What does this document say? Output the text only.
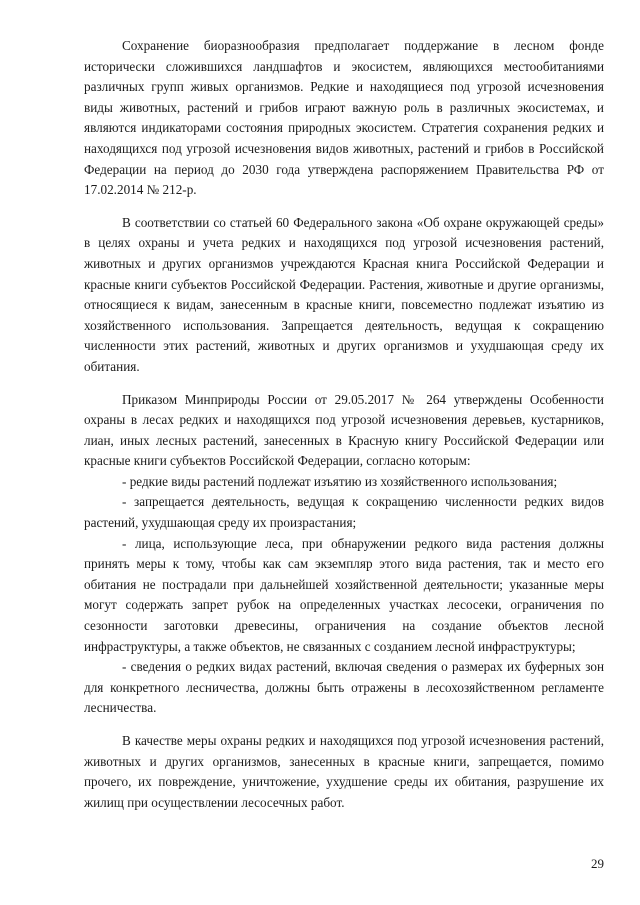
Сохранение биоразнообразия предполагает поддержание в лесном фонде исторически сложившихся ландшафтов и экосистем, являющихся местообитаниями различных групп живых организмов. Редкие и находящиеся под угрозой исчезновения виды животных, растений и грибов играют важную роль в различных экосистемах, и являются индикаторами состояния природных экосистем. Стратегия сохранения редких и находящихся под угрозой исчезновения видов животных, растений и грибов в Российской Федерации на период до 2030 года утверждена распоряжением Правительства РФ от 17.02.2014 № 212-р.

В соответствии со статьей 60 Федерального закона «Об охране окружающей среды» в целях охраны и учета редких и находящихся под угрозой исчезновения растений, животных и других организмов учреждаются Красная книга Российской Федерации и красные книги субъектов Российской Федерации. Растения, животные и другие организмы, относящиеся к видам, занесенным в красные книги, повсеместно подлежат изъятию из хозяйственного использования. Запрещается деятельность, ведущая к сокращению численности этих растений, животных и других организмов и ухудшающая среду их обитания.

Приказом Минприроды России от 29.05.2017 № 264 утверждены Особенности охраны в лесах редких и находящихся под угрозой исчезновения деревьев, кустарников, лиан, иных лесных растений, занесенных в Красную книгу Российской Федерации или красные книги субъектов Российской Федерации, согласно которым:

- редкие виды растений подлежат изъятию из хозяйственного использования;

- запрещается деятельность, ведущая к сокращению численности редких видов растений, ухудшающая среду их произрастания;

- лица, использующие леса, при обнаружении редкого вида растения должны принять меры к тому, чтобы как сам экземпляр этого вида растения, так и место его обитания не пострадали при дальнейшей хозяйственной деятельности; указанные меры могут содержать запрет рубок на определенных участках лесосеки, ограничения по сезонности заготовки древесины, ограничения на создание объектов лесной инфраструктуры, а также объектов, не связанных с созданием лесной инфраструктуры;

- сведения о редких видах растений, включая сведения о размерах их буферных зон для конкретного лесничества, должны быть отражены в лесохозяйственном регламенте лесничества.

В качестве меры охраны редких и находящихся под угрозой исчезновения растений, животных и других организмов, занесенных в красные книги, запрещается, помимо прочего, их повреждение, уничтожение, ухудшение среды их обитания, разрушение их жилищ при осуществлении лесосечных работ.

29
